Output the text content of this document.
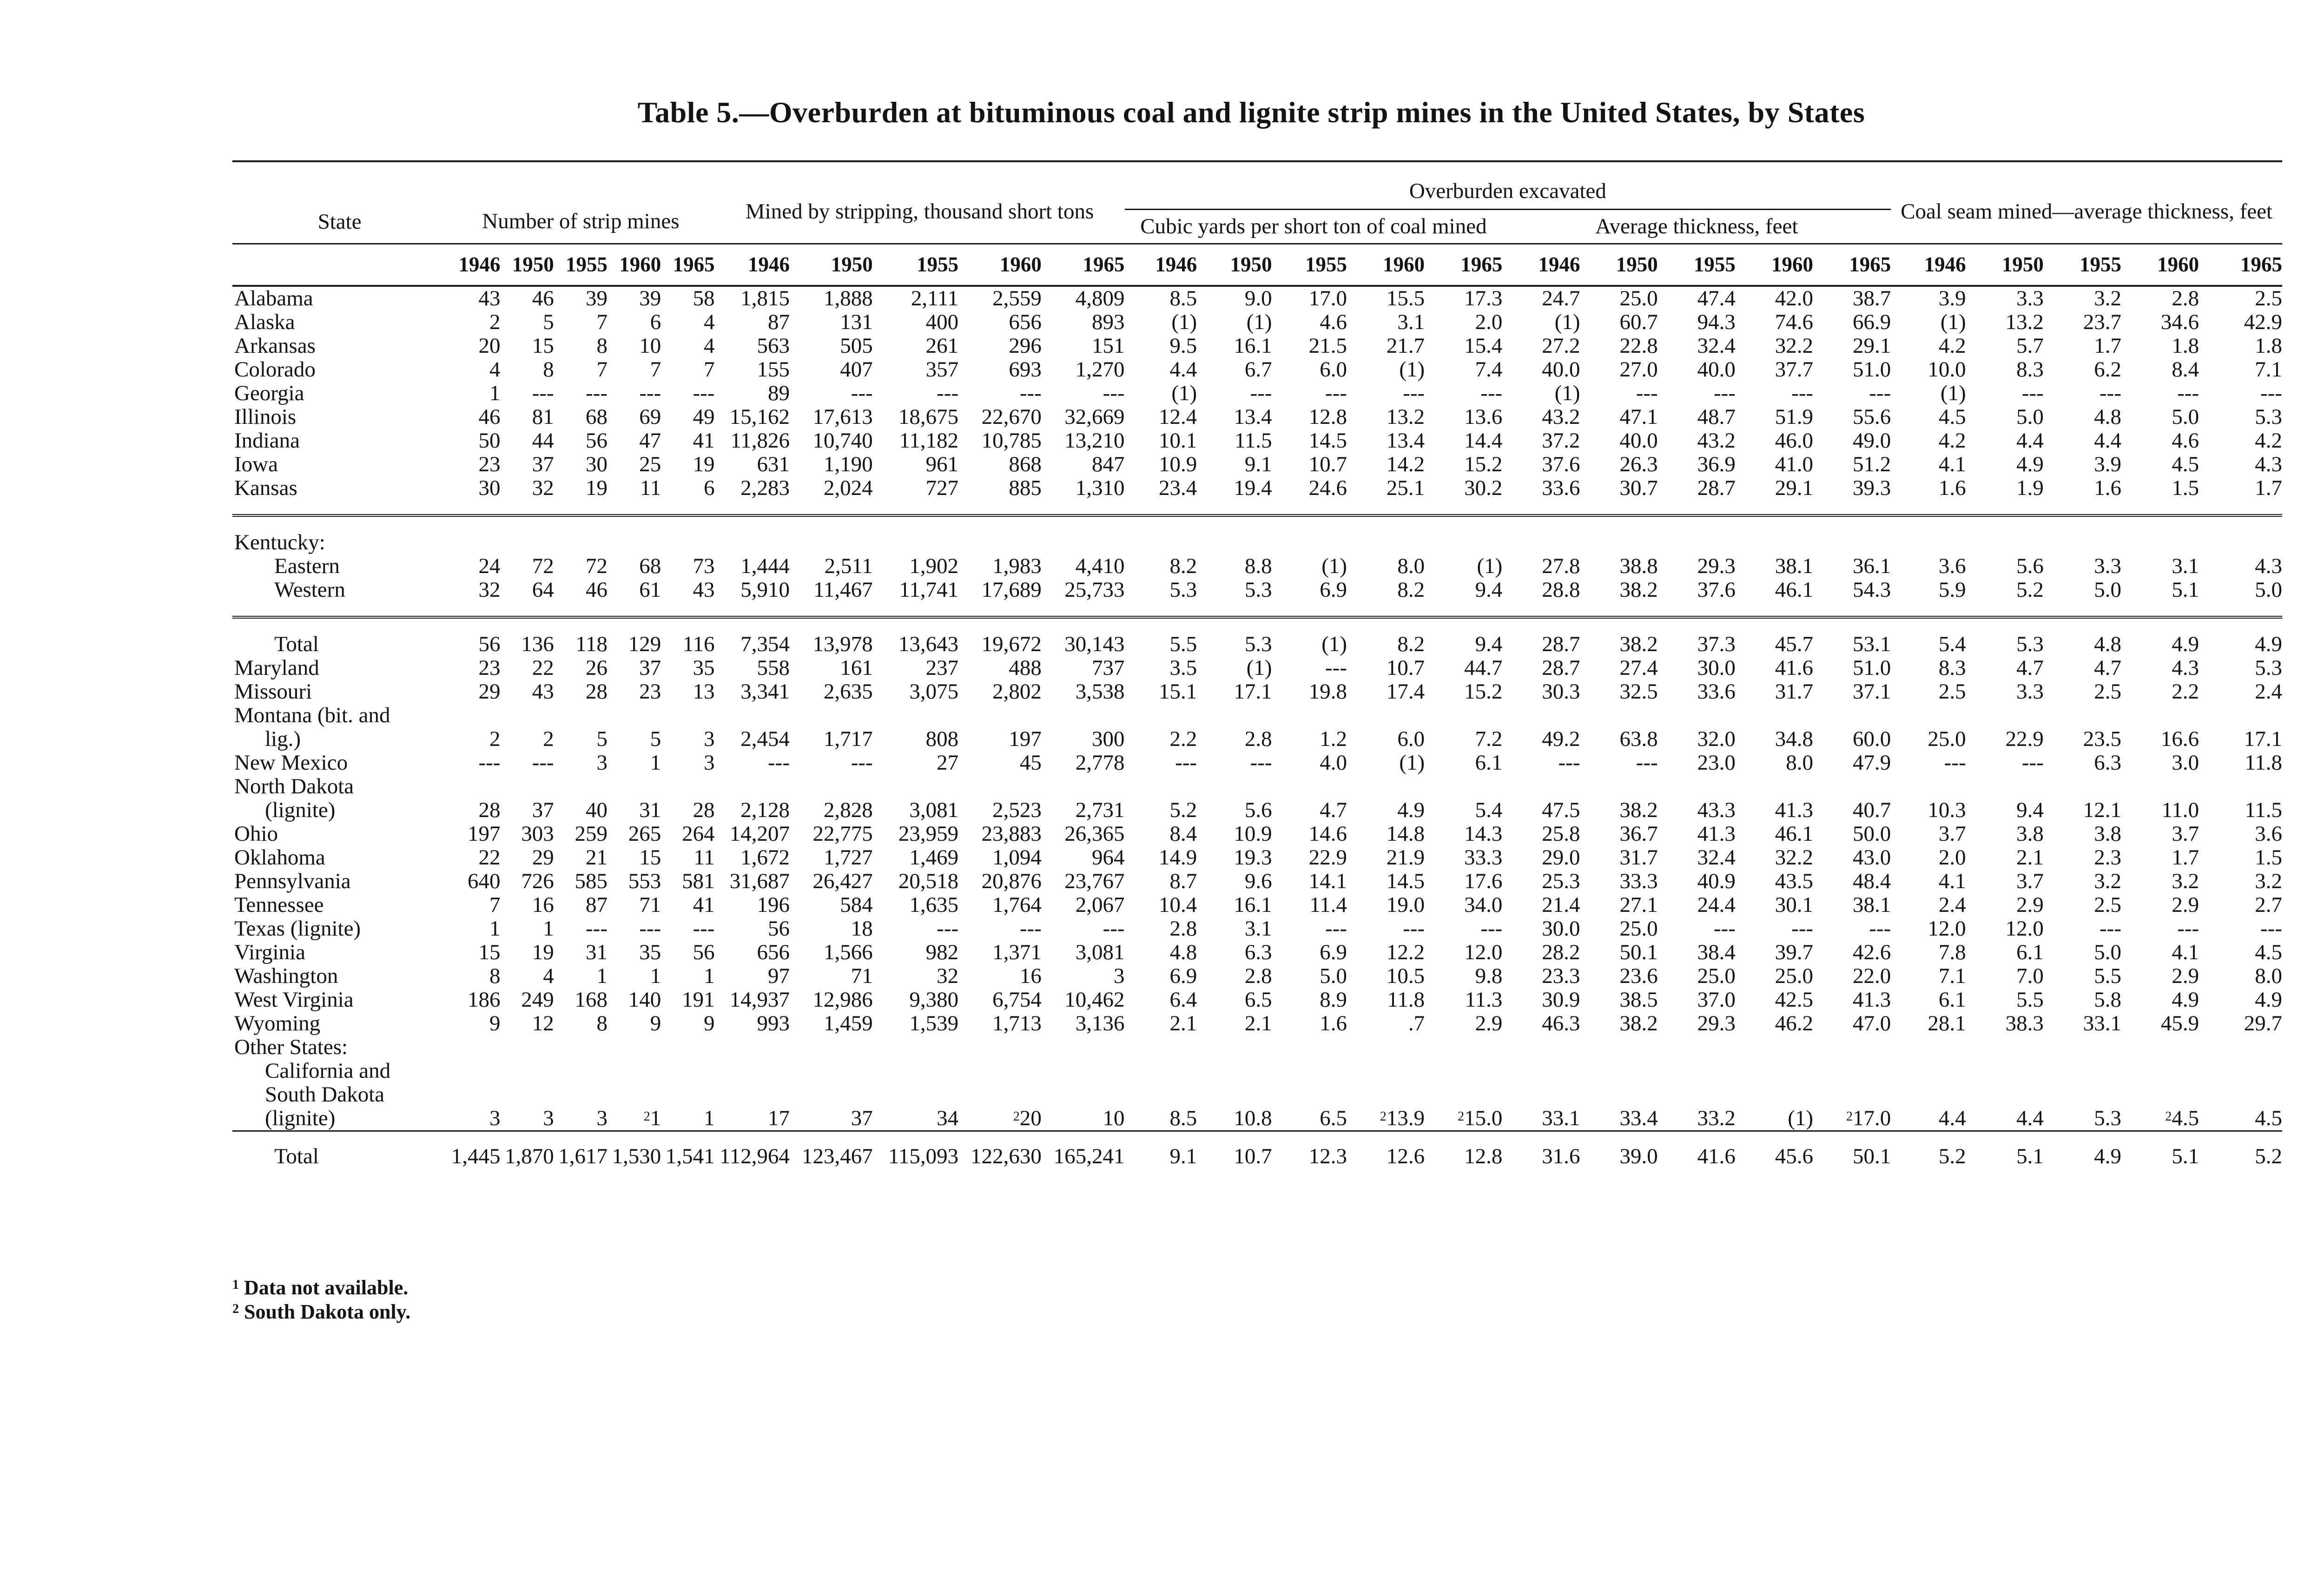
Table 5.—Overburden at bituminous coal and lignite strip mines in the United States, by States
State	Number of strip mines					Mined by stripping, thousand short tons					Overburden excavated										Coal seam mined—average thickness, feet				
											Cubic yards per short ton of coal mined					Average thickness, feet									

	1946	1950	1955	1960	1965	1946	1950	1955	1960	1965	1946	1950	1955	1960	1965	1946	1950	1955	1960	1965	1946	1950	1955	1960	1965
Alabama	43	46	39	39	58	1,815	1,888	2,111	2,559	4,809	8.5	9.0	17.0	15.5	17.3	24.7	25.0	47.4	42.0	38.7	3.9	3.3	3.2	2.8	2.5
Alaska	2	5	7	6	4	87	131	400	656	893	(1)	(1)	4.6	3.1	2.0	(1)	60.7	94.3	74.6	66.9	(1)	13.2	23.7	34.6	42.9
Arkansas	20	15	8	10	4	563	505	261	296	151	9.5	16.1	21.5	21.7	15.4	27.2	22.8	32.4	32.2	29.1	4.2	5.7	1.7	1.8	1.8
Colorado	4	8	7	7	7	155	407	357	693	1,270	4.4	6.7	6.0	(1)	7.4	40.0	27.0	40.0	37.7	51.0	10.0	8.3	6.2	8.4	7.1
Georgia	1	---	---	---	---	89	---	---	---	---	(1)	---	---	---	---	(1)	---	---	---	---	(1)	---	---	---	---
Illinois	46	81	68	69	49	15,162	17,613	18,675	22,670	32,669	12.4	13.4	12.8	13.2	13.6	43.2	47.1	48.7	51.9	55.6	4.5	5.0	4.8	5.0	5.3
Indiana	50	44	56	47	41	11,826	10,740	11,182	10,785	13,210	10.1	11.5	14.5	13.4	14.4	37.2	40.0	43.2	46.0	49.0	4.2	4.4	4.4	4.6	4.2
Iowa	23	37	30	25	19	631	1,190	961	868	847	10.9	9.1	10.7	14.2	15.2	37.6	26.3	36.9	41.0	51.2	4.1	4.9	3.9	4.5	4.3
Kansas	30	32	19	11	6	2,283	2,024	727	885	1,310	23.4	19.4	24.6	25.1	30.2	33.6	30.7	28.7	29.1	39.3	1.6	1.9	1.6	1.5	1.7
Kentucky:																									
Eastern	24	72	72	68	73	1,444	2,511	1,902	1,983	4,410	8.2	8.8	(1)	8.0	(1)	27.8	38.8	29.3	38.1	36.1	3.6	5.6	3.3	3.1	4.3
Western	32	64	46	61	43	5,910	11,467	11,741	17,689	25,733	5.3	5.3	6.9	8.2	9.4	28.8	38.2	37.6	46.1	54.3	5.9	5.2	5.0	5.1	5.0
Total	56	136	118	129	116	7,354	13,978	13,643	19,672	30,143	5.5	5.3	(1)	8.2	9.4	28.7	38.2	37.3	45.7	53.1	5.4	5.3	4.8	4.9	4.9
Maryland	23	22	26	37	35	558	161	237	488	737	3.5	(1)	---	10.7	44.7	28.7	27.4	30.0	41.6	51.0	8.3	4.7	4.7	4.3	5.3
Missouri	29	43	28	23	13	3,341	2,635	3,075	2,802	3,538	15.1	17.1	19.8	17.4	15.2	30.3	32.5	33.6	31.7	37.1	2.5	3.3	2.5	2.2	2.4
Montana (bit. and																									
lig.)	2	2	5	5	3	2,454	1,717	808	197	300	2.2	2.8	1.2	6.0	7.2	49.2	63.8	32.0	34.8	60.0	25.0	22.9	23.5	16.6	17.1
New Mexico	---	---	3	1	3	---	---	27	45	2,778	---	---	4.0	(1)	6.1	---	---	23.0	8.0	47.9	---	---	6.3	3.0	11.8
North Dakota																									
(lignite)	28	37	40	31	28	2,128	2,828	3,081	2,523	2,731	5.2	5.6	4.7	4.9	5.4	47.5	38.2	43.3	41.3	40.7	10.3	9.4	12.1	11.0	11.5
Ohio	197	303	259	265	264	14,207	22,775	23,959	23,883	26,365	8.4	10.9	14.6	14.8	14.3	25.8	36.7	41.3	46.1	50.0	3.7	3.8	3.8	3.7	3.6
Oklahoma	22	29	21	15	11	1,672	1,727	1,469	1,094	964	14.9	19.3	22.9	21.9	33.3	29.0	31.7	32.4	32.2	43.0	2.0	2.1	2.3	1.7	1.5
Pennsylvania	640	726	585	553	581	31,687	26,427	20,518	20,876	23,767	8.7	9.6	14.1	14.5	17.6	25.3	33.3	40.9	43.5	48.4	4.1	3.7	3.2	3.2	3.2
Tennessee	7	16	87	71	41	196	584	1,635	1,764	2,067	10.4	16.1	11.4	19.0	34.0	21.4	27.1	24.4	30.1	38.1	2.4	2.9	2.5	2.9	2.7
Texas (lignite)	1	1	---	---	---	56	18	---	---	---	2.8	3.1	---	---	---	30.0	25.0	---	---	---	12.0	12.0	---	---	---
Virginia	15	19	31	35	56	656	1,566	982	1,371	3,081	4.8	6.3	6.9	12.2	12.0	28.2	50.1	38.4	39.7	42.6	7.8	6.1	5.0	4.1	4.5
Washington	8	4	1	1	1	97	71	32	16	3	6.9	2.8	5.0	10.5	9.8	23.3	23.6	25.0	25.0	22.0	7.1	7.0	5.5	2.9	8.0
West Virginia	186	249	168	140	191	14,937	12,986	9,380	6,754	10,462	6.4	6.5	8.9	11.8	11.3	30.9	38.5	37.0	42.5	41.3	6.1	5.5	5.8	4.9	4.9
Wyoming	9	12	8	9	9	993	1,459	1,539	1,713	3,136	2.1	2.1	1.6	.7	2.9	46.3	38.2	29.3	46.2	47.0	28.1	38.3	33.1	45.9	29.7
Other States:																									
California and																									
South Dakota																									
(lignite)	3	3	3	$^2$1	1	17	37	34	$^2$20	10	8.5	10.8	6.5	$^2$13.9	$^2$15.0	33.1	33.4	33.2	(1)	$^2$17.0	4.4	4.4	5.3	$^2$4.5	4.5
Total	1,445	1,870	1,617	1,530	1,541	112,964	123,467	115,093	122,630	165,241	9.1	10.7	12.3	12.6	12.8	31.6	39.0	41.6	45.6	50.1	5.2	5.1	4.9	5.1	5.2
$^1$ Data not available.
$^2$ South Dakota only.
